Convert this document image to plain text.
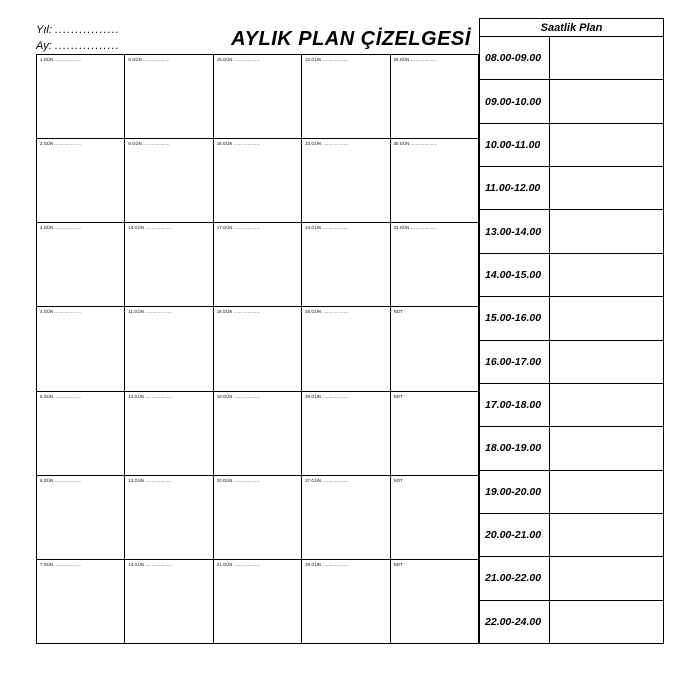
Yıl: ................
Ay: ................	AYLIK PLAN ÇİZELGESİ	Saatlik Plan
1.GÜN .....................	8.GÜN .....................	15.GÜN .....................	22.GÜN .....................	29.GÜN .....................
2.GÜN .....................	9.GÜN .....................	16.GÜN .....................	23.GÜN .....................	30.GÜN .....................
3.GÜN .....................	10.GÜN .....................	17.GÜN .....................	24.GÜN .....................	31.GÜN .....................
4.GÜN .....................	11.GÜN .....................	18.GÜN .....................	25.GÜN .....................	NOT
5.GÜN .....................	12.GÜN .....................	19.GÜN .....................	26.GÜN .....................	NOT
6.GÜN .....................	13.GÜN .....................	20.GÜN .....................	27.GÜN .....................	NOT
7.GÜN .....................	14.GÜN .....................	21.GÜN .....................	28.GÜN .....................	NOT
08.00-09.00
09.00-10.00
10.00-11.00
11.00-12.00
13.00-14.00
14.00-15.00
15.00-16.00
16.00-17.00
17.00-18.00
18.00-19.00
19.00-20.00
20.00-21.00
21.00-22.00
22.00-24.00
